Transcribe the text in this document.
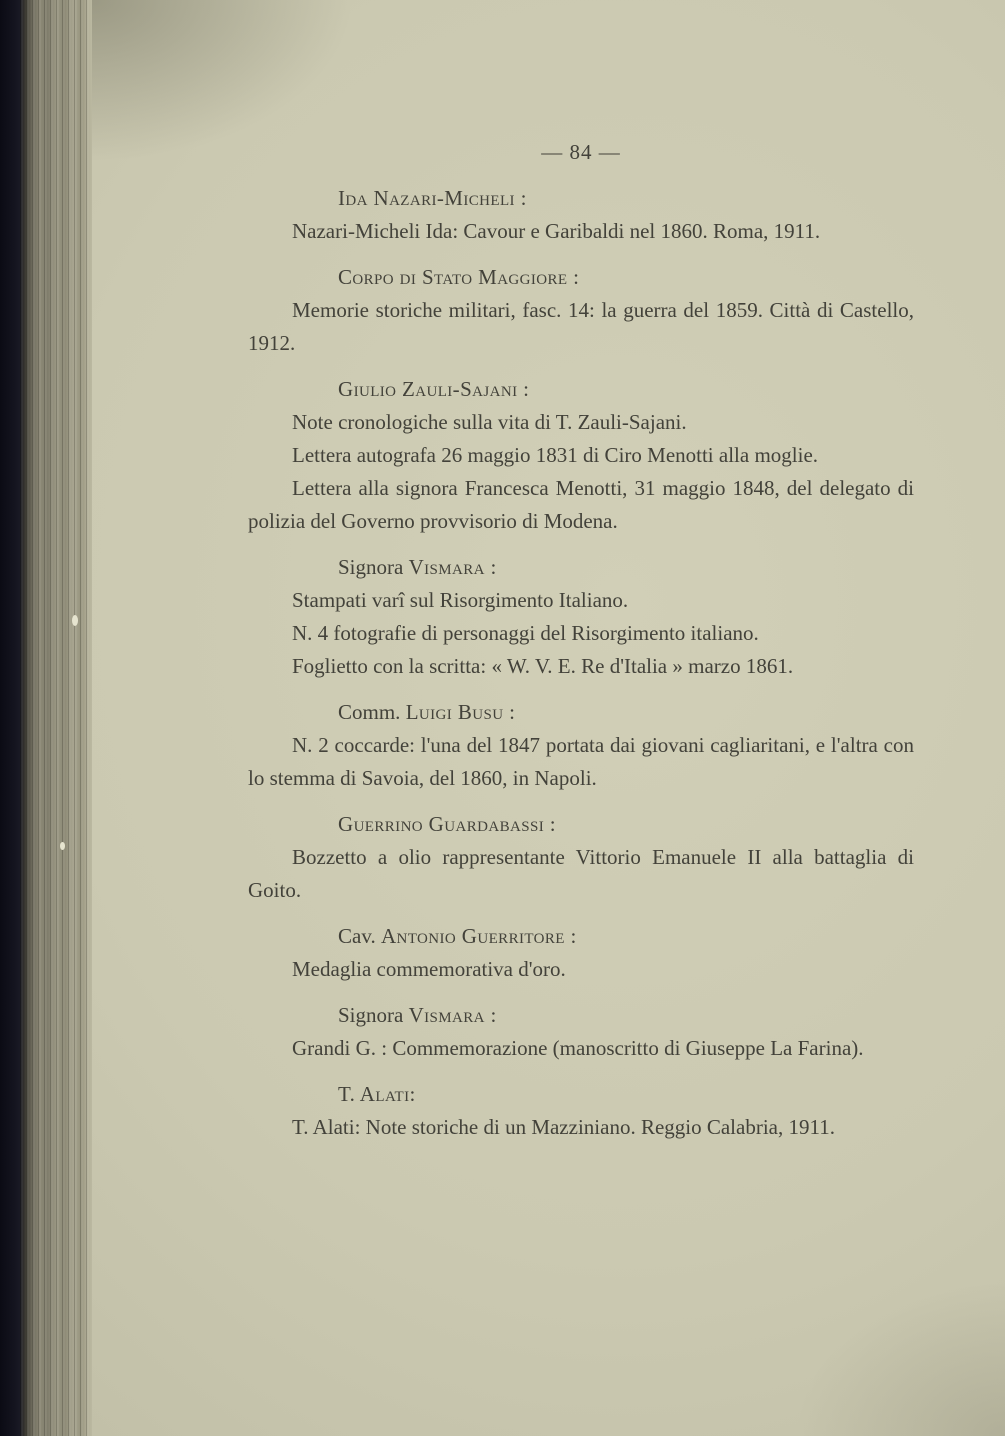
— 84 —
Ida Nazari-Micheli :

Nazari-Micheli Ida: Cavour e Garibaldi nel 1860. Roma, 1911.

Corpo di Stato Maggiore :

Memorie storiche militari, fasc. 14: la guerra del 1859. Città di Castello, 1912.

Giulio Zauli-Sajani :

Note cronologiche sulla vita di T. Zauli-Sajani.

Lettera autografa 26 maggio 1831 di Ciro Menotti alla moglie.

Lettera alla signora Francesca Menotti, 31 maggio 1848, del delegato di polizia del Governo provvisorio di Modena.

Signora Vismara :

Stampati varî sul Risorgimento Italiano.

N. 4 fotografie di personaggi del Risorgimento italiano.

Foglietto con la scritta: « W. V. E. Re d'Italia » marzo 1861.

Comm. Luigi Busu :

N. 2 coccarde: l'una del 1847 portata dai giovani cagliaritani, e l'altra con lo stemma di Savoia, del 1860, in Napoli.

Guerrino Guardabassi :

Bozzetto a olio rappresentante Vittorio Emanuele II alla battaglia di Goito.

Cav. Antonio Guerritore :

Medaglia commemorativa d'oro.

Signora Vismara :

Grandi G. : Commemorazione (manoscritto di Giuseppe La Farina).

T. Alati:

T. Alati: Note storiche di un Mazziniano. Reggio Calabria, 1911.
